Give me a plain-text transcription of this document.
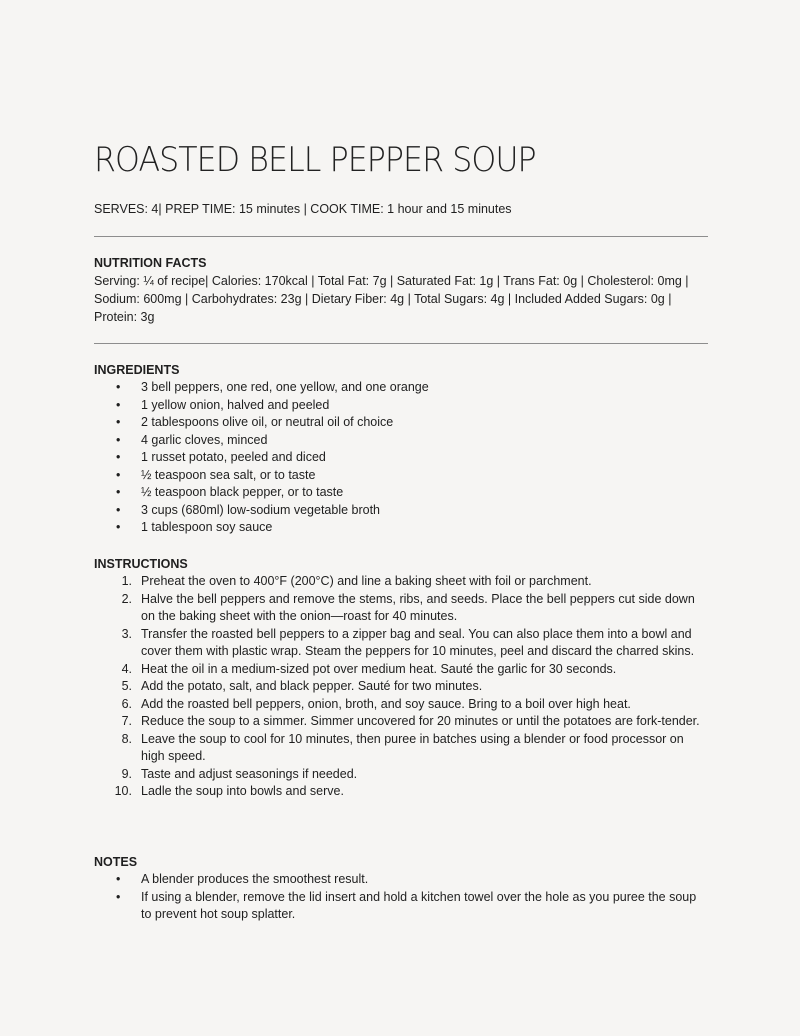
ROASTED BELL PEPPER SOUP
SERVES: 4| PREP TIME: 15 minutes | COOK TIME: 1 hour and 15 minutes
NUTRITION FACTS

Serving: ¼ of recipe| Calories: 170kcal | Total Fat: 7g | Saturated Fat: 1g | Trans Fat: 0g | Cholesterol: 0mg | Sodium: 600mg | Carbohydrates: 23g | Dietary Fiber: 4g | Total Sugars: 4g | Included Added Sugars: 0g | Protein: 3g

INGREDIENTS
• 3 bell peppers, one red, one yellow, and one orange
• 1 yellow onion, halved and peeled
• 2 tablespoons olive oil, or neutral oil of choice
• 4 garlic cloves, minced
• 1 russet potato, peeled and diced
• ½ teaspoon sea salt, or to taste
• ½ teaspoon black pepper, or to taste
• 3 cups (680ml) low-sodium vegetable broth
• 1 tablespoon soy sauce
INSTRUCTIONS
1. Preheat the oven to 400°F (200°C) and line a baking sheet with foil or parchment.
2. Halve the bell peppers and remove the stems, ribs, and seeds. Place the bell peppers cut side down on the baking sheet with the onion—roast for 40 minutes.
3. Transfer the roasted bell peppers to a zipper bag and seal. You can also place them into a bowl and cover them with plastic wrap. Steam the peppers for 10 minutes, peel and discard the charred skins.
4. Heat the oil in a medium-sized pot over medium heat. Sauté the garlic for 30 seconds.
5. Add the potato, salt, and black pepper. Sauté for two minutes.
6. Add the roasted bell peppers, onion, broth, and soy sauce. Bring to a boil over high heat.
7. Reduce the soup to a simmer. Simmer uncovered for 20 minutes or until the potatoes are fork-tender.
8. Leave the soup to cool for 10 minutes, then puree in batches using a blender or food processor on high speed.
9. Taste and adjust seasonings if needed.
10. Ladle the soup into bowls and serve.
NOTES
• A blender produces the smoothest result.
• If using a blender, remove the lid insert and hold a kitchen towel over the hole as you puree the soup to prevent hot soup splatter.
